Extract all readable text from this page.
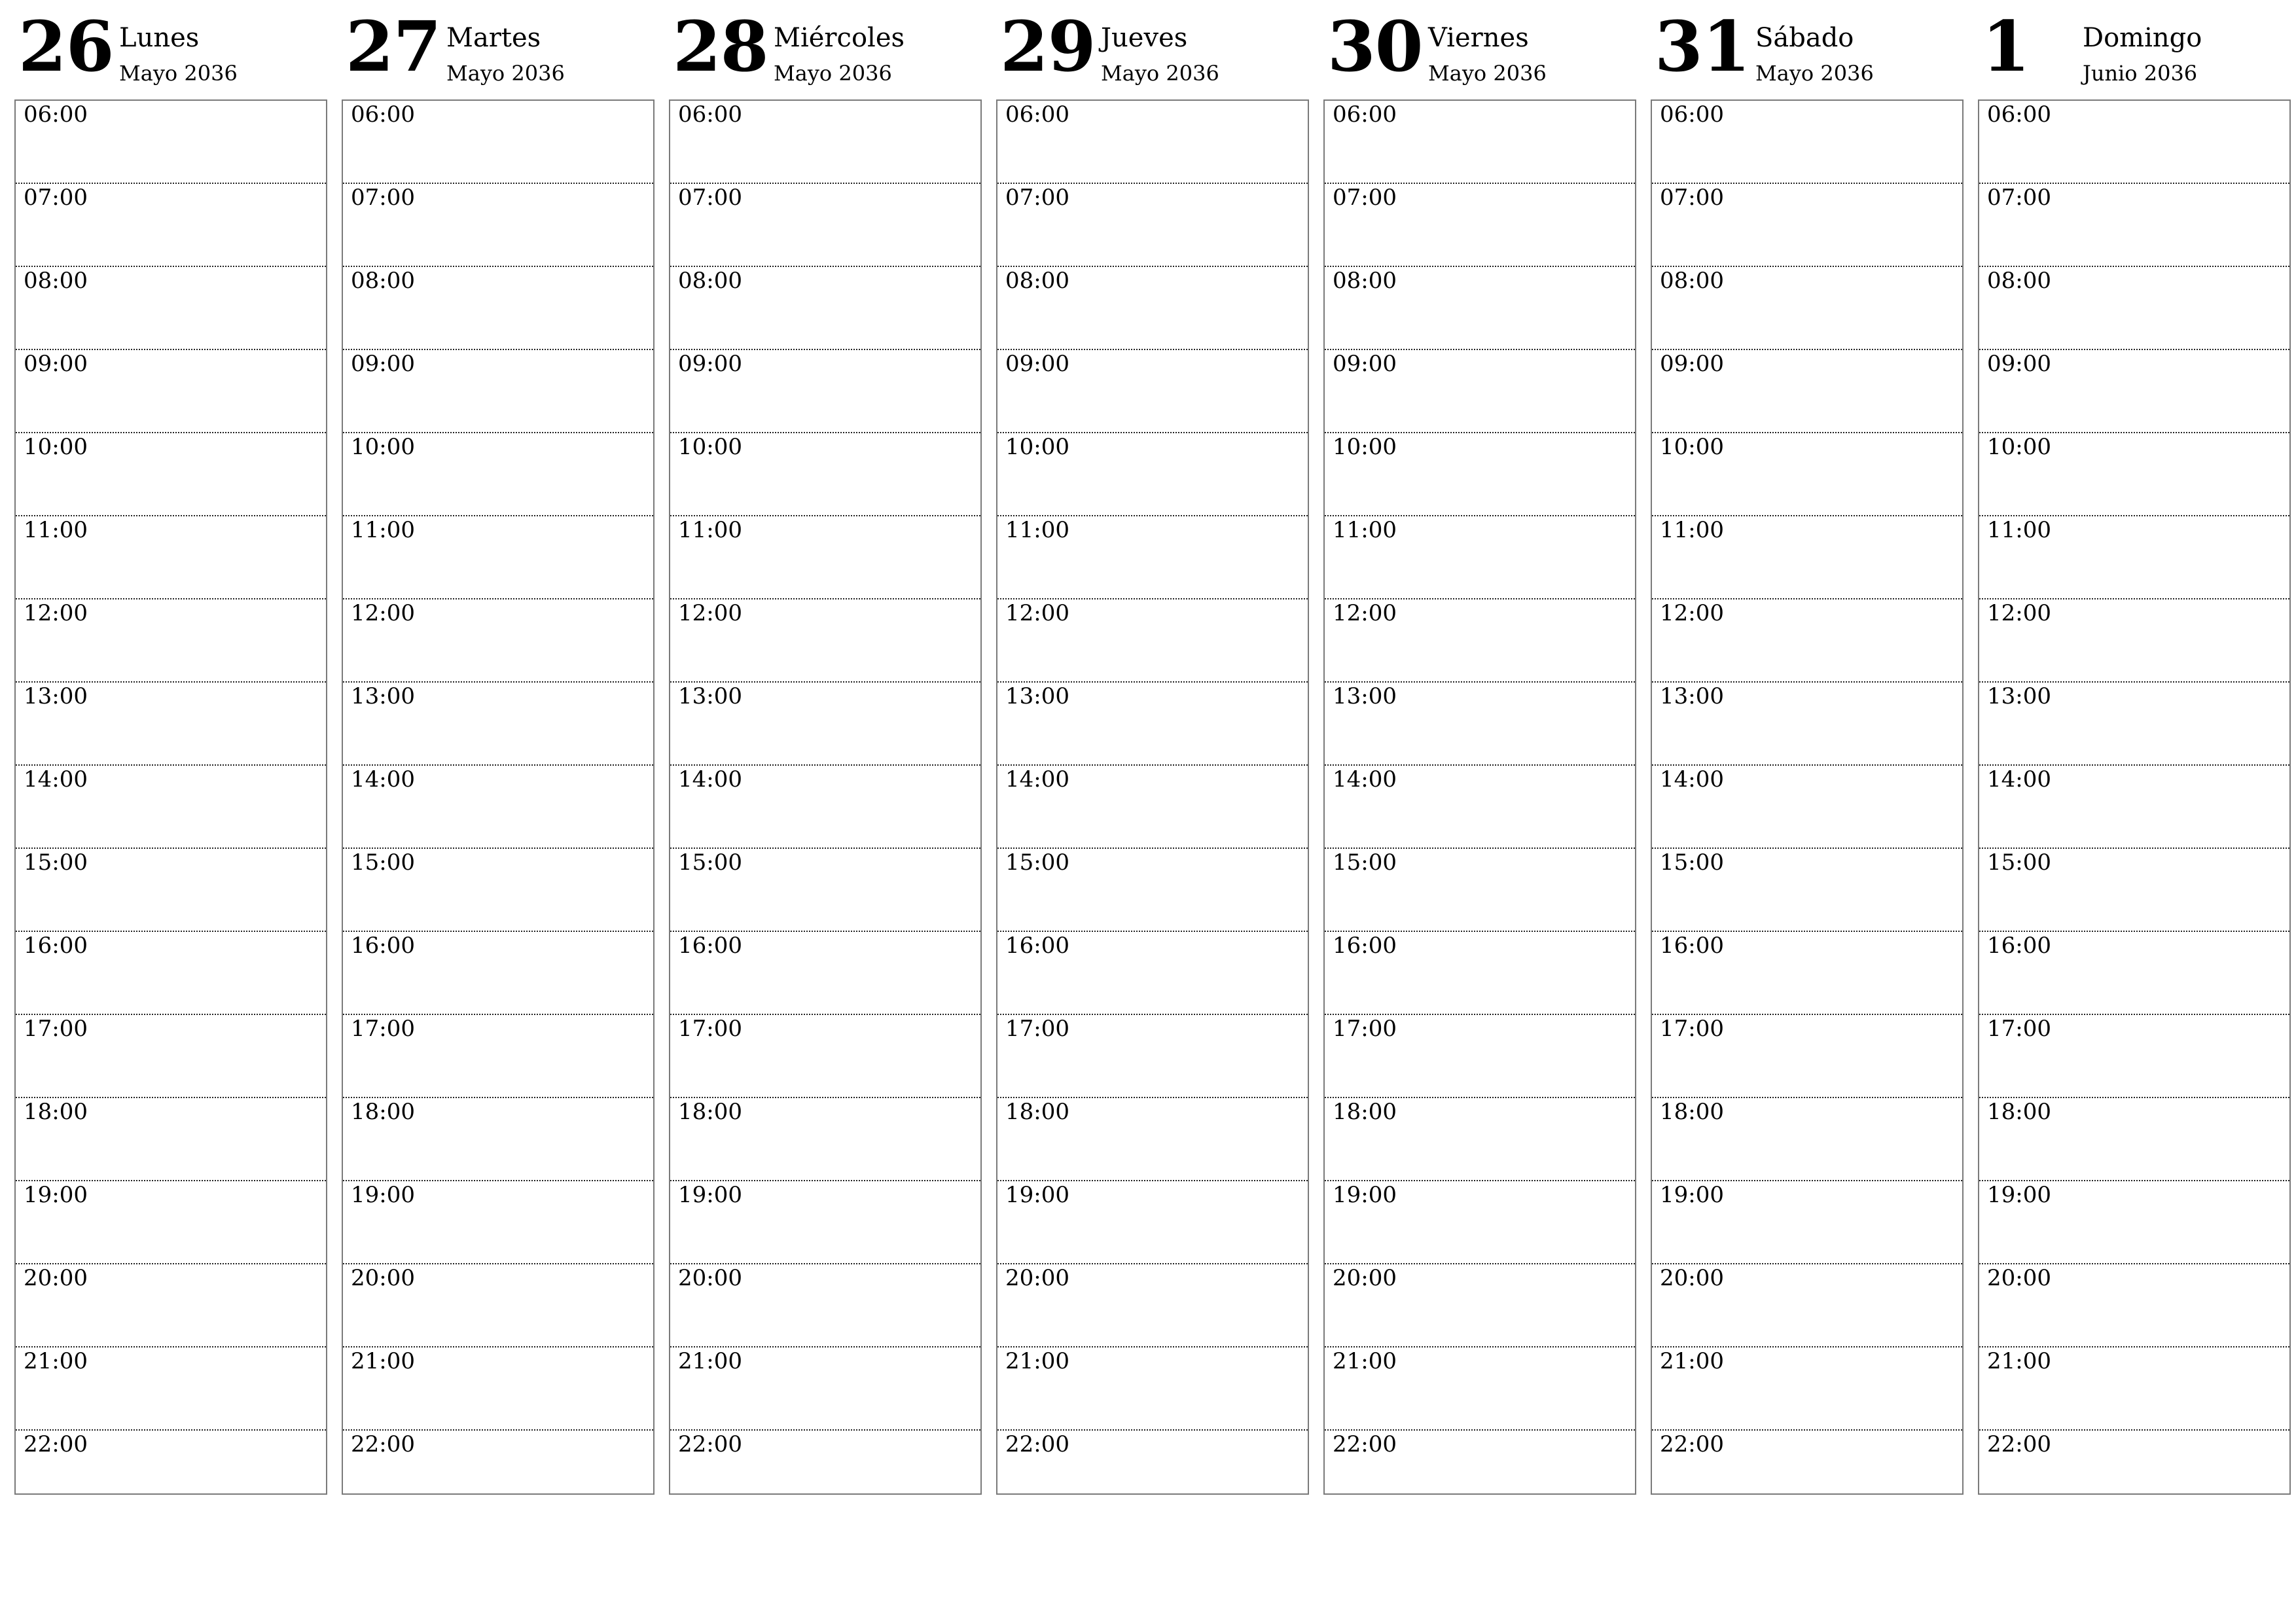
26 Lunes
Mayo 2036
06:00
07:00
08:00
09:00
10:00
11:00
12:00
13:00
14:00
15:00
16:00
17:00
18:00
19:00
20:00
21:00
22:00
27 Martes
Mayo 2036
06:00
07:00
08:00
09:00
10:00
11:00
12:00
13:00
14:00
15:00
16:00
17:00
18:00
19:00
20:00
21:00
22:00
28 Miércoles
Mayo 2036
06:00
07:00
08:00
09:00
10:00
11:00
12:00
13:00
14:00
15:00
16:00
17:00
18:00
19:00
20:00
21:00
22:00
29 Jueves
Mayo 2036
06:00
07:00
08:00
09:00
10:00
11:00
12:00
13:00
14:00
15:00
16:00
17:00
18:00
19:00
20:00
21:00
22:00
30 Viernes
Mayo 2036
06:00
07:00
08:00
09:00
10:00
11:00
12:00
13:00
14:00
15:00
16:00
17:00
18:00
19:00
20:00
21:00
22:00
31 Sábado
Mayo 2036
06:00
07:00
08:00
09:00
10:00
11:00
12:00
13:00
14:00
15:00
16:00
17:00
18:00
19:00
20:00
21:00
22:00
1 Domingo
Junio 2036
06:00
07:00
08:00
09:00
10:00
11:00
12:00
13:00
14:00
15:00
16:00
17:00
18:00
19:00
20:00
21:00
22:00
